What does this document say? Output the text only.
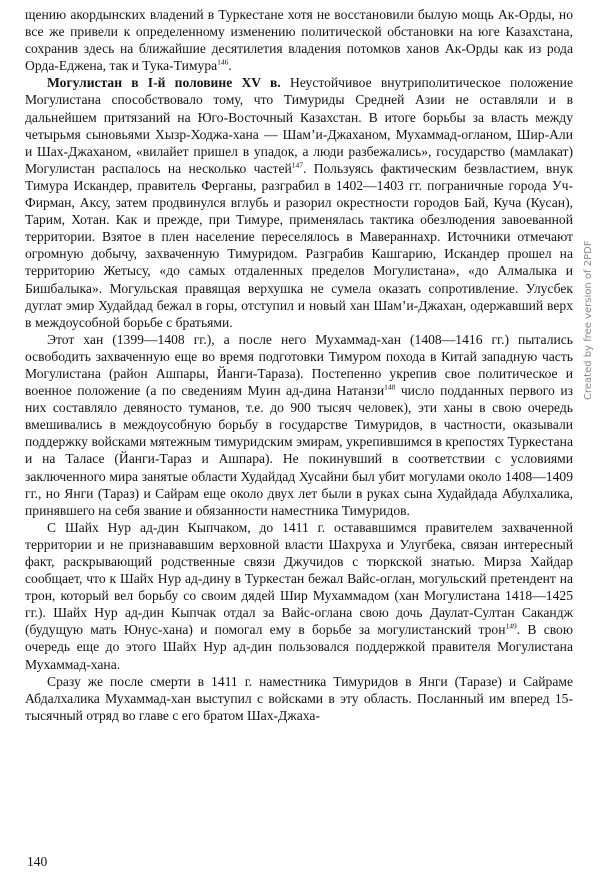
щению акордынских владений в Туркестане хотя не восстановили былую мощь Ак-Орды, но все же привели к определенному изменению политической обстановки на юге Казахстана, сохранив здесь на ближайшие десятилетия владения потомков ханов Ак-Орды как из рода Орда-Еджена, так и Тука-Тимура$^{146}$.

Могулистан в I-й половине XV в. Неустойчивое внутриполитическое положение Могулистана способствовало тому, что Тимуриды Средней Азии не оставляли и в дальнейшем притязаний на Юго-Восточный Казахстан. В итоге борьбы за власть между четырьмя сыновьями Хызр-Ходжа-хана — Шам’и-Джаханом, Мухаммад-огланом, Шир-Али и Шах-Джаханом, «вилайет пришел в упадок, а люди разбежались», государство (мамлакат) Могулистан распалось на несколько частей$^{147}$. Пользуясь фактическим безвластием, внук Тимура Искандер, правитель Ферганы, разграбил в 1402—1403 гг. пограничные города Уч-Фирман, Аксу, затем продвинулся вглубь и разорил окрестности городов Бай, Куча (Кусан), Тарим, Хотан. Как и прежде, при Тимуре, применялась тактика обезлюдения завоеванной территории. Взятое в плен население переселялось в Мавераннахр. Источники отмечают огромную добычу, захваченную Тимуридом. Разграбив Кашгарию, Искандер прошел на территорию Жетысу, «до самых отдаленных пределов Могулистана», «до Алмалыка и Бишбалыка». Могульская правящая верхушка не сумела оказать сопротивление. Улусбек дуглат эмир Худайдад бежал в горы, отступил и новый хан Шам’и-Джахан, одержавший верх в междоусобной борьбе с братьями.

Этот хан (1399—1408 гг.), а после него Мухаммад-хан (1408—1416 гг.) пытались освободить захваченную еще во время подготовки Тимуром похода в Китай западную часть Могулистана (район Ашпары, Йанги-Тараза). Постепенно укрепив свое политическое и военное положение (а по сведениям Муин ад-дина Натанзи$^{148}$ число подданных первого из них составляло девяносто туманов, т.е. до 900 тысяч человек), эти ханы в свою очередь вмешивались в междоусобную борьбу в государстве Тимуридов, в частности, оказывали поддержку войсками мятежным тимуридским эмирам, укрепившимся в крепостях Туркестана и на Таласе (Йанги-Тараз и Ашпара). Не покинувший в соответствии с условиями заключенного мира занятые области Худайдад Хусайни был убит могулами около 1408—1409 гг., но Янги (Тараз) и Сайрам еще около двух лет были в руках сына Худайдада Абулхалика, принявшего на себя звание и обязанности наместника Тимуридов.

С Шайх Нур ад-дин Кыпчаком, до 1411 г. остававшимся правителем захваченной территории и не признававшим верховной власти Шахруха и Улугбека, связан интересный факт, раскрывающий родственные связи Джучидов с тюркской знатью. Мирза Хайдар сообщает, что к Шайх Нур ад-дину в Туркестан бежал Вайс-оглан, могульский претендент на трон, который вел борьбу со своим дядей Шир Мухаммадом (хан Могулистана 1418—1425 гг.). Шайх Нур ад-дин Кыпчак отдал за Вайс-оглана свою дочь Даулат-Султан Сакандж (будущую мать Юнус-хана) и помогал ему в борьбе за могулистанский трон$^{149}$. В свою очередь еще до этого Шайх Нур ад-дин пользовался поддержкой правителя Могулистана Мухаммад-хана.

Сразу же после смерти в 1411 г. наместника Тимуридов в Янги (Таразе) и Сайраме Абдалхалика Мухаммад-хан выступил с войсками в эту область. Посланный им вперед 15-тысячный отряд во главе с его братом Шах-Джаха-

140
Created by free version of 2PDF
